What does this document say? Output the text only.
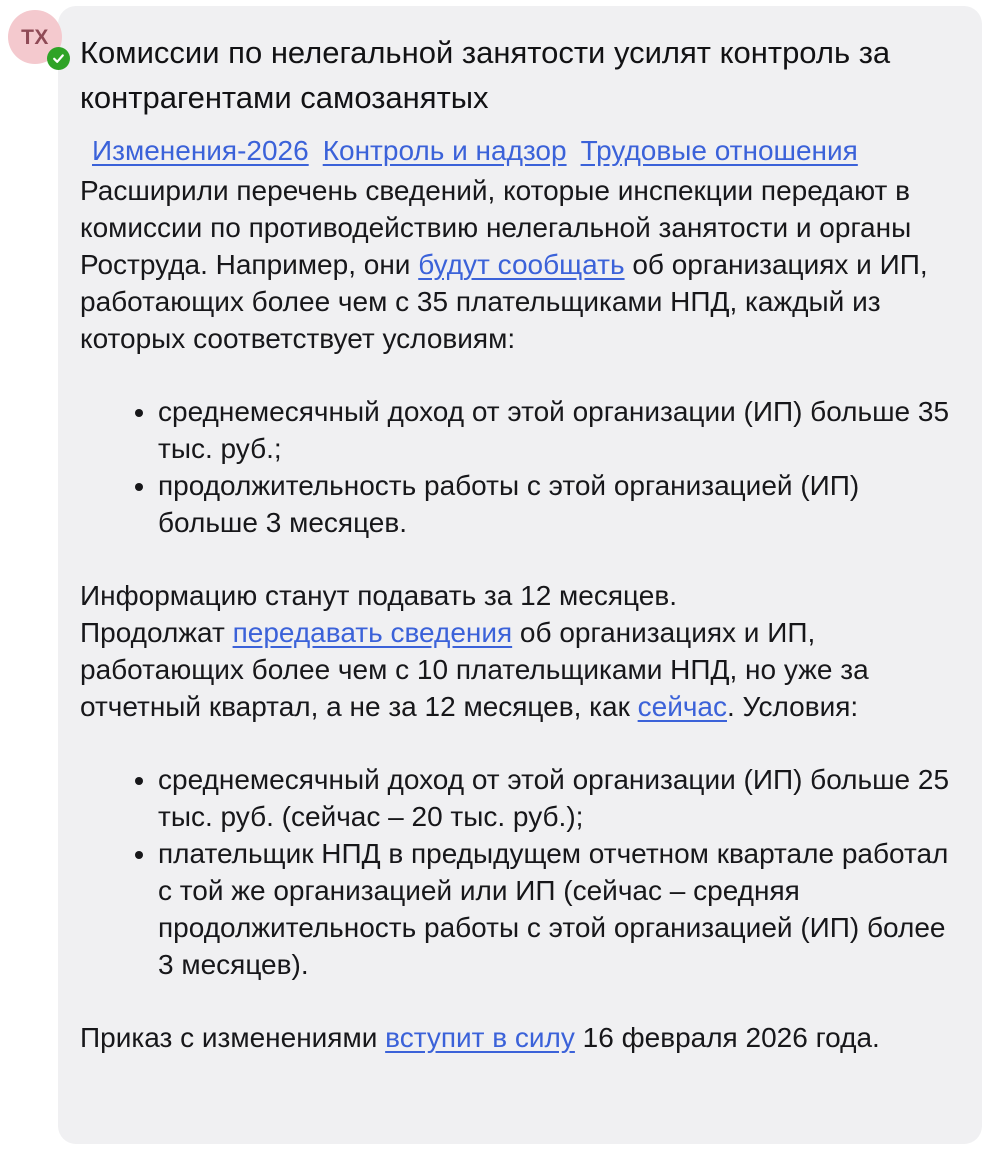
ТХ Комиссии по нелегальной занятости усилят контроль за контрагентами самозанятых
Изменения-2026 Контроль и надзор Трудовые отношения

Расширили перечень сведений, которые инспекции передают в комиссии по противодействию нелегальной занятости и органы Роструда. Например, они будут сообщать об организациях и ИП, работающих более чем с 35 плательщиками НПД, каждый из которых соответствует условиям:

• среднемесячный доход от этой организации (ИП) больше 35 тыс. руб.;
• продолжительность работы с этой организацией (ИП) больше 3 месяцев.

Информацию станут подавать за 12 месяцев.
Продолжат передавать сведения об организациях и ИП, работающих более чем с 10 плательщиками НПД, но уже за отчетный квартал, а не за 12 месяцев, как сейчас. Условия:

• среднемесячный доход от этой организации (ИП) больше 25 тыс. руб. (сейчас – 20 тыс. руб.);
• плательщик НПД в предыдущем отчетном квартале работал с той же организацией или ИП (сейчас – средняя продолжительность работы с этой организацией (ИП) более 3 месяцев).

Приказ с изменениями вступит в силу 16 февраля 2026 года.
